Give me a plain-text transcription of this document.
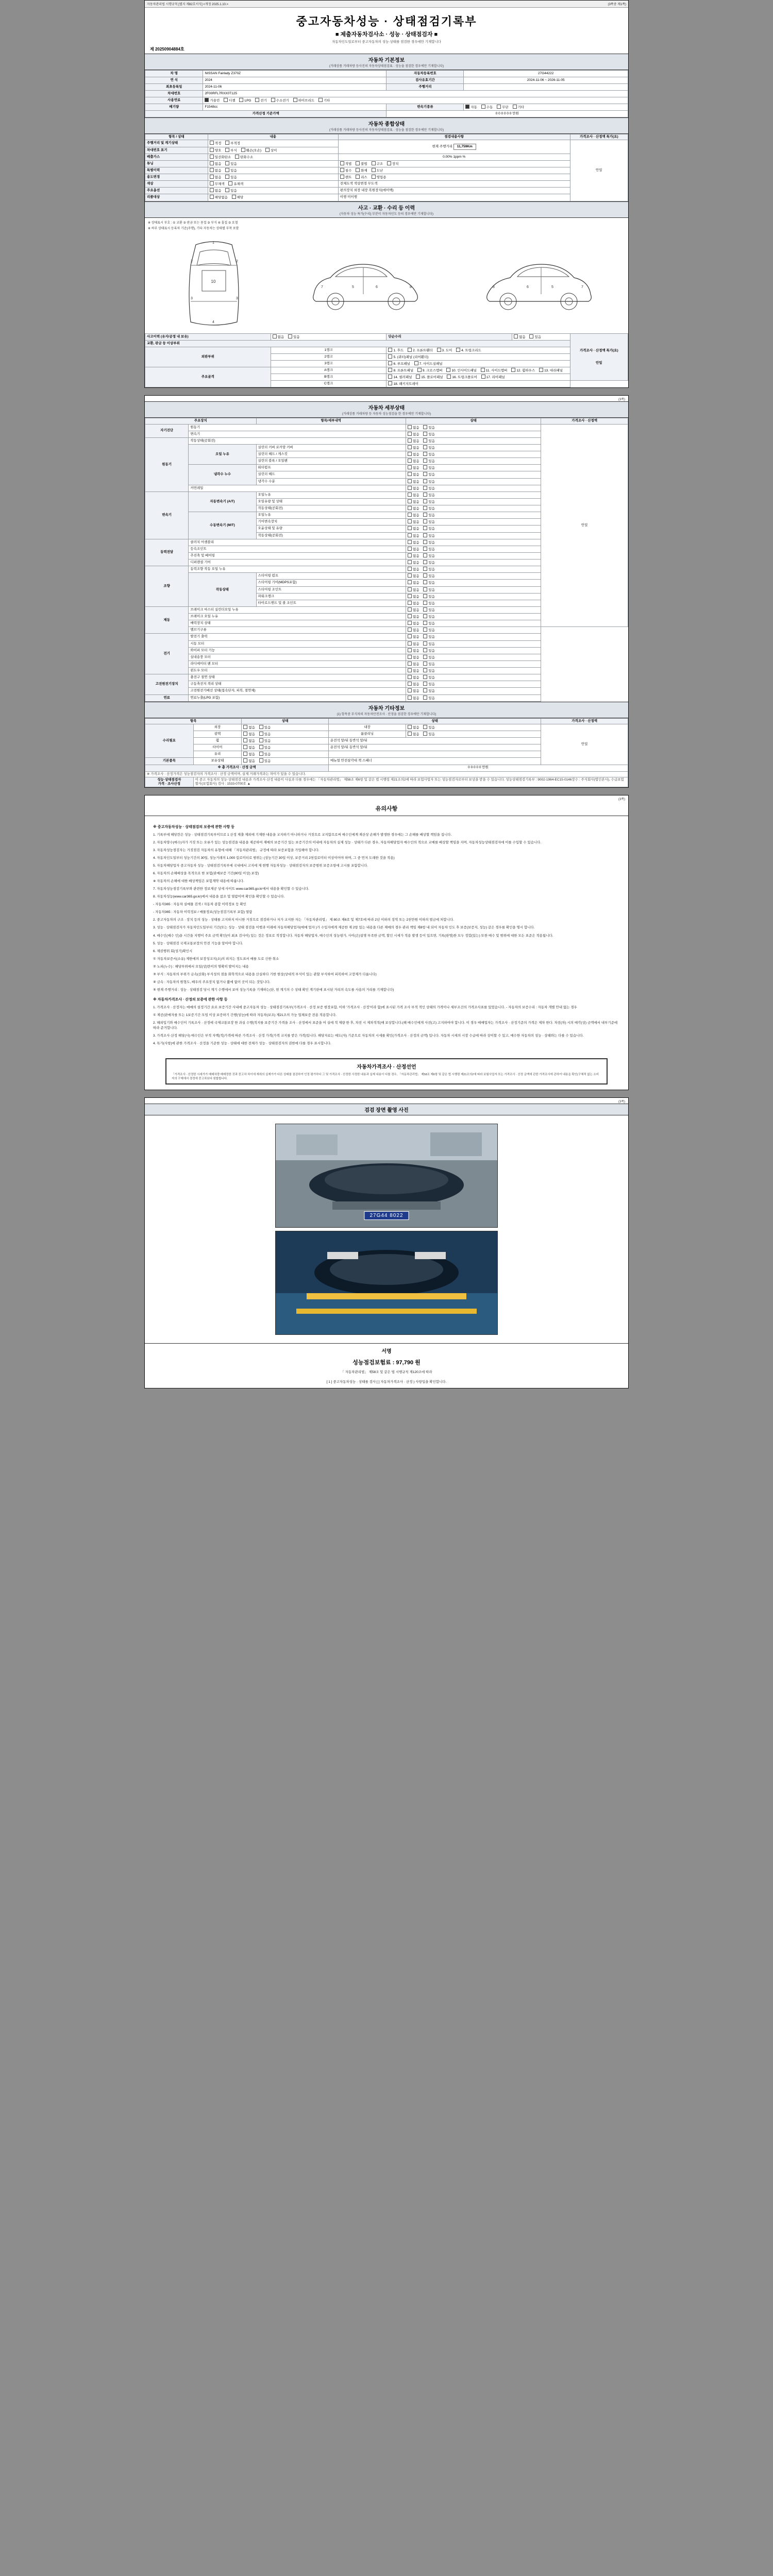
자동차관리법 시행규칙 [별지 제82호서식] <개정 2025.1.10.>	(3쪽중 제1쪽)
중고자동차성능 · 상태점검기록부
■ 제출자동차검사소 · 성능 · 상태점검자 ■
자동차인도일로부터 중고자동차의 성능·상태를 점검한 경우에만 기재합니다
제 20250904884호
자동차 기본정보
(거래상품 거래차량 등사진의 자동차상태점검표 · 성능을 점검한 경우에만 기재합니다)
차 명	NISSAN Fairlady Z370Z	자동차등록번호	27G44222
연 식	2024	검사유효기간	2024-11-06 ~ 2026-11-05
최초등록일	2024-11-06	주행거리	
차대번호	2F00RFL7RXX0T125		
사용연료	가솔린 디젤 LPG 전기 수소전기 하이브리드 기타		
배기량	F1548cc	변속기종류	자동 수동 무단 기타
가격산정 기준가액		0 0 0 0 0 0 만원	
자동차 종합상태
(거래상품 거래차량 등사진의 자동차상태점검표 · 성능을 점검한 경우에만 기재합니다)
항목 / 상태	내용	점검내용사항	가격조사 · 산정액 특가(요)
주행거리 및 계기상태	적정 부적정	현재 주행거리 11,759Km	안밀
차대번호 표기	양호 부식 훼손(오손) 상이		
배출가스	일산화탄소 탄화수소	0.00% 1ppm %	
튜닝	없음 있음	적법 불법 구조 장치	
특별이력	없음 있음	침수 화재 도난	
용도변경	없음 있음	렌트 리스 영업용	
색상	무채색 유채색	전체도색 색상변경 무도색	
주요옵션	없음 있음	편의장치 외장 내장 복원장치(에어백)	
리콜대상	해당없음 해당	이행 미이행	
사고 · 교환 · 수리 등 이력
(자동차 성능 특가(수리) 부분이 자동차인도 등의 경우에만 기재합니다)
※ 상태표시 부호 : ① 교환 ② 판금 또는 용접 ③ 부식 ④ 흠집 ⑤ 요철
※ 하부 상태표시 등록차 기준(주행), 기타 자동차는 상태별 부착 포함
10
2	2
3	3
1
4
5	6
7	8	5
6	7
8
사고이력 (유지/공정 내 보유)	없음 있음	단순수리	없음 있음	가격조사 · 산정액 특가(요)
안밀

교환, 판금 등 이상부위				
외판부위	1랭크	1. 후드 2. 프론트휀더 3. 도어 4. 트렁크리드		
	2랭크	5. (쿼터)패널 (리어휀더)		
	3랭크	6. 루프패널 7. 사이드실패널		
주요골격	A랭크	8. 프론트패널 9. 크로스멤버 10. 인사이드패널 11. 사이드멤버 12. 휠하우스 13. 대쉬패널		
	B랭크	14. 필러패널 15. 플로어패널 16. 트렁크플로어 17. 리어패널		
	C랭크	18. 패키지트레이		
(3쪽)
자동차 세부상태
(거래상품 거래차량 등 자동차 성능점검을 한 경우에만 기재합니다)
주요장치		항목/세부내역	상태	가격조사 · 산정액
자기진단	원동기		없음 있음	안밀
	변속기		없음 있음	
원동기	작동상태(공회전)		없음 있음	
	오일 누유	실린더 커버 로커암 커버	없음 있음	
		실린더 헤드 / 게스킷	없음 있음	
		실린더 블록 / 오일팬	없음 있음	
	냉각수 누수	워터펌프	없음 있음	
		실린더 헤드	없음 있음	
		냉각수 수분	없음 있음	
	커먼레일		없음 있음	
변속기	자동변속기 (A/T)	오일누유	없음 있음	
		오일유량 및 상태	없음 있음	
		작동상태(공회전)	없음 있음	
	수동변속기 (M/T)	오일누유	없음 있음	
		기어변속장치	없음 있음	
		오윤상태 및 유량	없음 있음	
		작동상태(공회전)	없음 있음	
동력전달	클러치 어셈블리		없음 있음	
	등속조인트		없음 있음	
	추진축 및 베어링		없음 있음	
	디퍼렌셜 기어		없음 있음	
조향	동력조향 작동 오일 누유		없음 있음	
	작동상태	스티어링 펌프	없음 있음	
		스티어링 기어(MDPS포함)	없음 있음	
		스티어링 조인트	없음 있음	
		파워크랭크	없음 있음	
		타이로드엔드 및 볼 조인트	없음 있음	
제동	브레이크 마스터 실린더오일 누유		없음 있음	
	브레이크 오일 누유		없음 있음	
	배력장치 상태		없음 있음	
	밸브기구류		없음 있음	
전기	발전기 출력		없음 있음	
	시동 모터		없음 있음	
	와이퍼 모터 기능		없음 있음	
	실내송풍 모터		없음 있음	
	라디에이터 팬 모터		없음 있음	
	윈도우 모터		없음 있음	
고전원전기장치	충전구 절연 상태		없음 있음	
	구동축전지 격리 상태		없음 있음	
	고전원전기배선 상태(접속단자, 피복, 절연체)		없음 있음	
연료	연료누출(LPG 포함)		없음 있음	
자동차 기타정보
(1) 항목중 부식차의 자동차안전조사 · 산정을 점검한 경우에만 기재합니다)
항목		상태	상태		가격조사 · 산정액
수리필요	외장	없음 있음	내장	없음 있음	안밀
	광택	없음 있음	룸클리닝	없음 있음	
	휠	없음 있음	운전석 앞/뒤 동반석 앞/뒤		
	타이어	없음 있음	운전석 앞/뒤 동반석 앞/뒤		
	유리	없음 있음			
기본품목	보유상태	없음 있음	메뉴얼 안전삼각대 잭 스패너		
※ 총 가격조사 · 산정 금액			0 0 0 0 0 만원		
※ 가격조사 · 산정가격은 성능점검자의 가격조사 · 산정 금액이며, 실제 거래가격과는 차이가 있을 수 있습니다.					

성능·상태점검자
가격 · 조사산정	이 중고 자동차의 성능·상태점검 내용과 가격조사·산정 내용이 사실과 다를 경우에는 「자동차관리법」 제58조 제6항 및 같은 법 시행령 제21조의2에 따라 보험사업자 또는 성능점검자로부터 보상을 받을 수 있습니다. 성능상태점검기록부 : 9002-1964-EC15-0146장수 : 주식회사(법인본사), 수급보험할사(보험회사) 검사 : 1533-0700호 ▲				
(3쪽)
유의사항
※ 중고자동차성능 · 상태점검의 보증에 관한 사항 등

1. 기록부에 해당칸은 성능 · 상태점검기록부이므로 1 산정 제출 제외에 기재한 내용을 교지하기 아니하거나 거짓으로 교지함으로써 매수인에게 재산상 손해가 발생한 경우에는 그 손해를 배상할 책임을 집니다.

2. 자동차양수(매수)자가 거짓 또는 오류가 있는 성능점검을 내용을 제공하여 재매의 보증기간 있는 보증기간의 이내에 자동차의 실제 성능 · 상태가 다른 경우, 자동차해당업자 매수인의 적으로 교매를 배상할 책임을 지며, 자동차성능상태점검자에 이를 수입할 수 있습니다.

3. 자동차성능점검자는 거짓점검 자동차의 유형에 대해 「자동차관리법」 규정에 따라 보증보험을 가입해야 합니다.

4. 자동차인도일부터 성능기간의 30일, 성능거래의 1,000 킬로미터로 범위는 (성능기간 30일 이상, 보증거리 2천킬로미터 이상이어야 하며, 그 중 먼저 도래한 것을 적용)

5. 자동차해당업자 중고자동차 성능 · 상태점검기록부에 국내에서 고지에 제 현행 자동차성능 · 상태점검자의 보증범위 보증조항에 고시를 포함합니다.

6. 자동차의 손해배상을 목적으로 한 보험(판매보증 기간(90일 이상) 보장)

※ 자동차의 손해에 대한 배상책임은 보험계약 내용에 따릅니다.

7. 자동차성능점검기록부와 관련한 정보제공 상세 사이트 www.car365.go.kr에서 내용을 확인할 수 있습니다.

8. 자동차성능(www.car365.go.kr)에서 내용을 참조 및 열람이며 확인을 확인할 수 있습니다.

- 자동차365 : 자동차 실매물 검색 / 자동차 종합 이력정보 등 확인

- 자동차365 : 자동차 이력정보 / 매물정보(성능점검기록부 포함) 열람

2. 중고자동차의 구조 · 장치 등의 성능 · 상태를 고지하지 아니한 거짓으로 점검하거나 저가 교지한 자는 「자동차관리법」 제 80조 제6호 및 제7호에 따라 2년 이하의 징역 또는 2천만원 이하의 벌금에 처합니다.

3. 성능 · 상태점검자가 자동차인도일부터 기간(또는 성능 · 상태 점검을 이행과 이래에 자동차해당업자(매매 업자 )가 수입자에게 제공한 제 2항 있는 내용을 다른 재매의 경우 관리 책임 제8항 내 되어 자동차 인도 후 보증(보증지, 성능) 같은 경우를 확인을 명시 합니다.

4. 매수인(매수 인)을 시간을 지행이 주요 금액 확인(이 최초 검사이) 있는 것은 정보로 적정합니다. 자동차 해당업자, 매수인의 성능평가, 사이(은)설명 부족한 금액, 할인 시세가 적용 발생 등이 있으면, 기록(판명)한 모두 정합(있는) 또한 매수 및 범위에 대한 모든 표준은 적용됩니다.

5. 성능 · 상태점검 국제교통보장의 안전 기능을 알아야 합니다.

6. 제권행위 회(성기)확인시

① 자동차보증서(소유) 제한에의 보장성교지(소)의 피지는 정도표서 매를 도로 신한 취소

② 노피(누수) : 해당부위에서 오일(상)만이의 명확히 발어지는 내용

③ 부식 : 자동차의 부위가 금속(산화) 부식성의 점을 화학적으로 내용을 산실하다 기한 현상(상대적 부식이 있는 관할 부식하여 피복하여 고장제가 다릅니다)

④ 금속 : 자동차의 원형도, 배우의 주요장치 없거나 짧에 없이 곳이 되는 것입니다.

⑤ 현재 주행거리 : 성능 · 상태점검 당시 계기 수행에서 보여 성능기록을 기재하는(단, 현 계기의 수 상태 확인 계기판에 표시된 거리의 속도를 사용의 거리를 기재합니다)

※ 자동차가격조사 · 산정의 보증에 관한 사항 등

1. 가격조사 · 산정자는 매매의 설정기간 요로 보증기간 사내에 중고자동차 성능 · 상태점검기록부(가격조사 · 산정 보증 현장포함, 이하 '가격조사 · 산정'이라 함)에 표시된 가격 조사 부적 적인 상태의 가격이나 세부조건의 가격조사표를 있었습니다. - 자동차의 보증수리 : 자동차 개별 안내 없는 경우

① 제공(판매자를 또는 1보증기간 모임 이상 보증하기 간행(성능)에 따라 자동차(보조) 제21조의 가능 업체보증 전용 적용합니다.

2. 해외입기와 매수인이 기록조사 · 산정에 국제교통보장 한 과실 수행(적지를 보증기간 가격을 조사 · 산정에서 표준을 어 실에 적 제량 한 후, 차전 시 제차적적(매 보상합니다.(해 매수인에게 사전(고) 고지하여야 합니다. 이 경우 매매업자는 가격조사 · 산정기준의 가격은 제차 한다. 차전(차) 시의 매각(상) 금액에서 내부기준에 따라 준거합니다.

3. 가격조사·산정 해당(사) 매수인은 부적 자백(적)가격에 따른 가격조사 · 산정 가격(가격 교지를 받은 가격)입니다. 해당자료는 매도(자) 기준으로 자동차의 시세를 확인(가격조사 · 산정의 금액) 입니다. 자동차 시세의 시장 수급에 따라 상이할 수 있고, 매수한 자동차의 성능 · 상태와는 다를 수 있습니다.

4. 특가(사항)에 관한 가격조사 · 산정을 기준한 성능 · 상태에 대한 전체가 성능 · 상태점검자의 권한에 다를 경우 표시합니다.

자동차가격조사 · 산정선언
「가격조사 · 산정한 시세가가 매매차량 매매정한 것과 중고차 차이에 재취의 실제가가 다른 상태를 점검하여 인정 평가하다 그 및 가격조사 · 산정한 사정한 내용과 실제 내용이 다를 경우, 「자동차관리법」 제58조 제6항 및 같은 법 시행령 제21조의2에 따라 보험사업자 또는 가격조사 · 산정 금액에 관한 가격조사에 관하여 내용을 확인(구체적 없는 소비자의 구제에서 경정에 중고차보다 원합합니다.
(3쪽)
검검 장면 촬영 사진
27G44 8022
서명
성능점검보험료 : 97,790 원
「 자동차관리법」 제58조 및 같은 법 시행규칙 제120조에 따라
[ 1 ] 중고자동차성능 · 상태를 검사 [ ] 자동차가격조사 · 산정 ) 사항입을 확인합니다.
